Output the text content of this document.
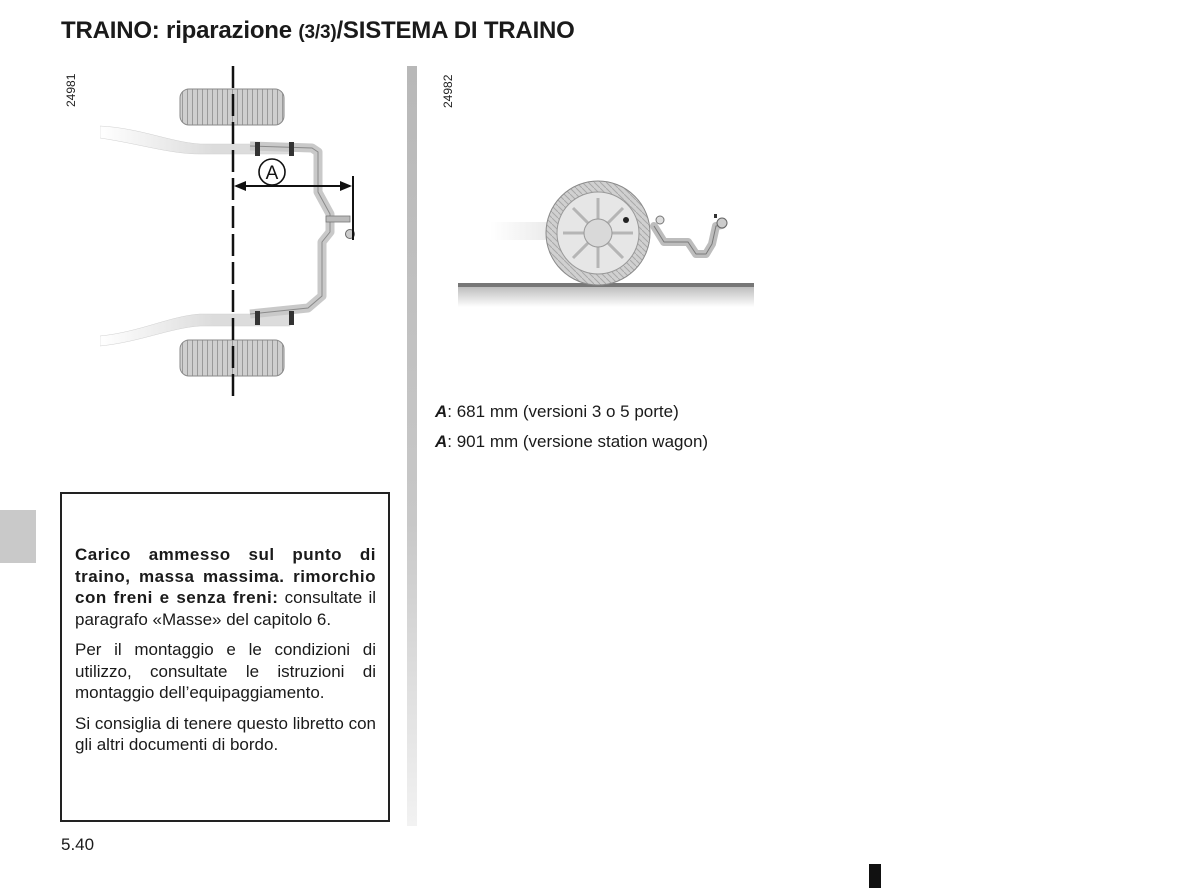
TRAINO: riparazione (3/3)/SISTEMA DI TRAINO
24981
A
24982

A: 681 mm (versioni 3 o 5 porte)

A: 901 mm (versione station wagon)

Carico ammesso sul punto di traino, massa massima. rimorchio con freni e senza freni: consultate il paragrafo «Masse» del capitolo 6.

Per il montaggio e le condizioni di utilizzo, consultate le istruzioni di montaggio dell’equipaggiamento.

Si consiglia di tenere questo libretto con gli altri documenti di bordo.

5.40
